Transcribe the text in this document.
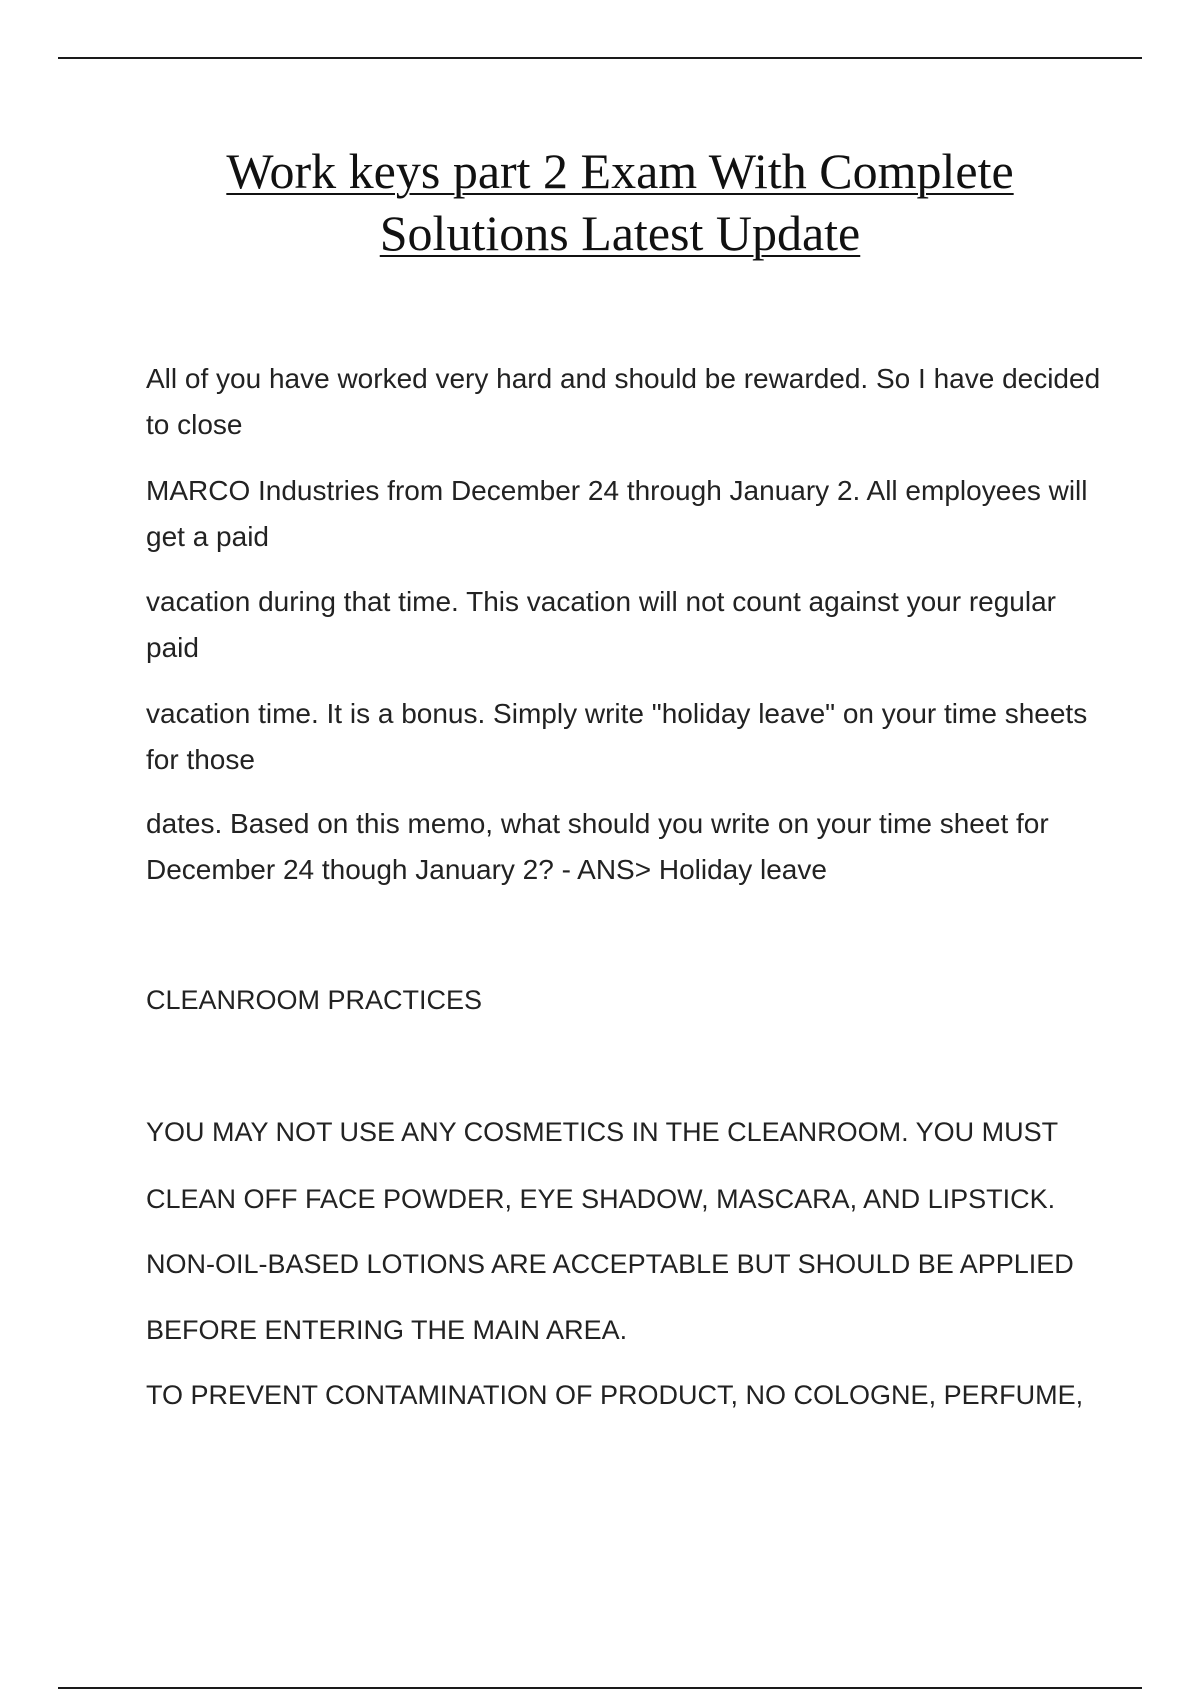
Work keys part 2 Exam With Complete
Solutions Latest Update

All of you have worked very hard and should be rewarded. So I have decided to close

MARCO Industries from December 24 through January 2. All employees will get a paid

vacation during that time. This vacation will not count against your regular paid

vacation time. It is a bonus. Simply write "holiday leave" on your time sheets for those

dates. Based on this memo, what should you write on your time sheet for December 24 though January 2? - ANS> Holiday leave

CLEANROOM PRACTICES

YOU MAY NOT USE ANY COSMETICS IN THE CLEANROOM. YOU MUST

CLEAN OFF FACE POWDER, EYE SHADOW, MASCARA, AND LIPSTICK.

NON-OIL-BASED LOTIONS ARE ACCEPTABLE BUT SHOULD BE APPLIED

BEFORE ENTERING THE MAIN AREA.

TO PREVENT CONTAMINATION OF PRODUCT, NO COLOGNE, PERFUME,
